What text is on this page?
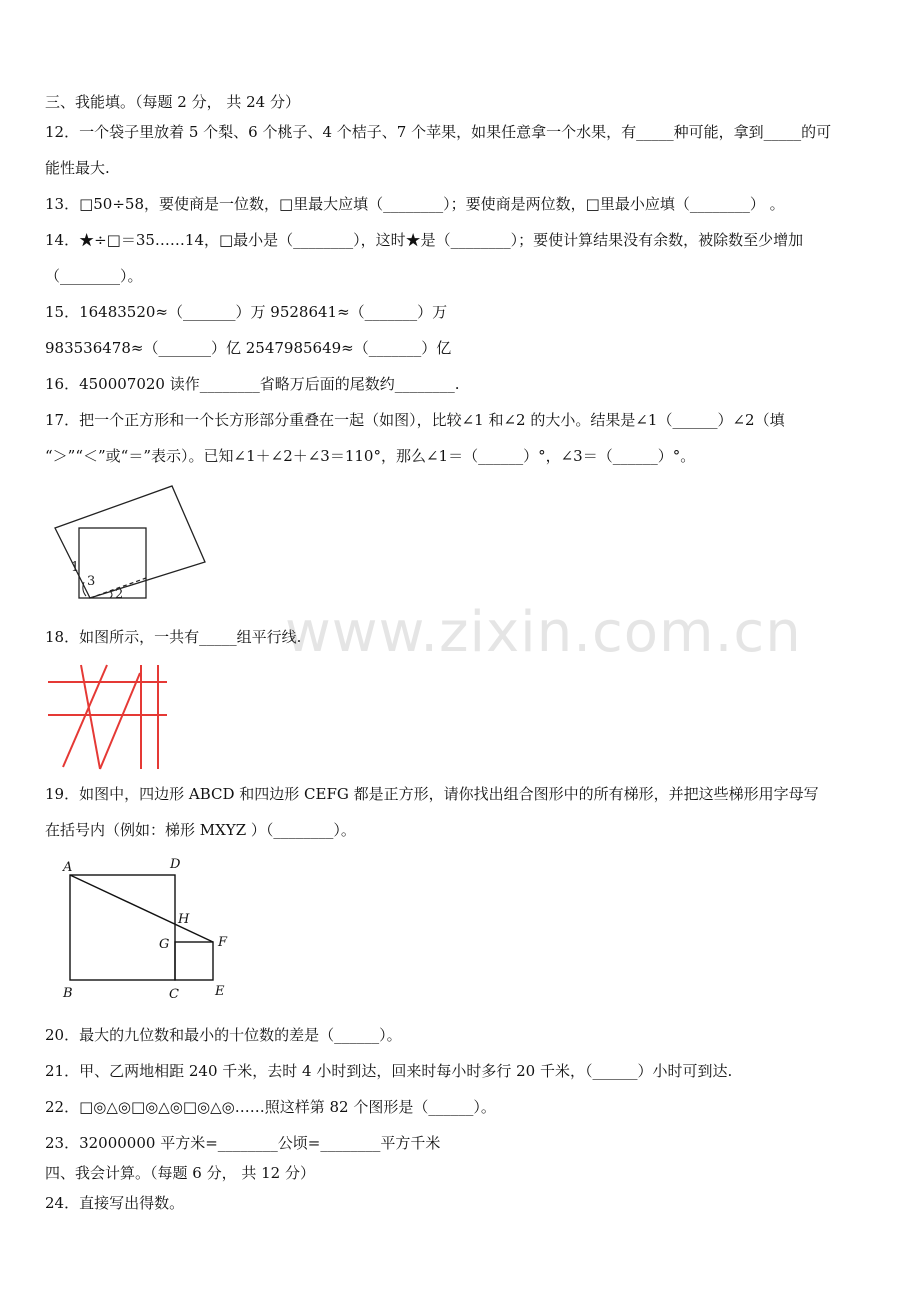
三、我能填。（每题 2 分， 共 24 分）
12．一个袋子里放着 5 个梨、6 个桃子、4 个桔子、7 个苹果，如果任意拿一个水果，有_____种可能，拿到_____的可
能性最大.
13．□50÷58，要使商是一位数，□里最大应填（________）；要使商是两位数，□里最小应填（________） 。
14．★÷□＝35……14，□最小是（________），这时★是（________）；要使计算结果没有余数，被除数至少增加
（________）。
15．16483520≈（_______）万 9528641≈（_______）万
983536478≈（_______）亿 2547985649≈（_______）亿
16．450007020 读作________省略万后面的尾数约________.
17．把一个正方形和一个长方形部分重叠在一起（如图），比较∠1 和∠2 的大小。结果是∠1（______）∠2（填
“＞”“＜”或“＝”表示）。已知∠1＋∠2＋∠3＝110°，那么∠1＝（______）°，∠3＝（______）°。
18．如图所示，一共有_____组平行线.
19．如图中，四边形 ABCD 和四边形 CEFG 都是正方形，请你找出组合图形中的所有梯形，并把这些梯形用字母写
在括号内（例如：梯形 MXYZ ）（________）。
20．最大的九位数和最小的十位数的差是（______）。
21．甲、乙两地相距 240 千米，去时 4 小时到达，回来时每小时多行 20 千米，（______）小时可到达.
22．□◎△◎□◎△◎□◎△◎……照这样第 82 个图形是（______）。
23．32000000 平方米=________公顷=________平方千米
四、我会计算。（每题 6 分， 共 12 分）
24．直接写出得数。
www.zixin.com.cn
1
3
2
A	D
H
G	F
B	C	E
